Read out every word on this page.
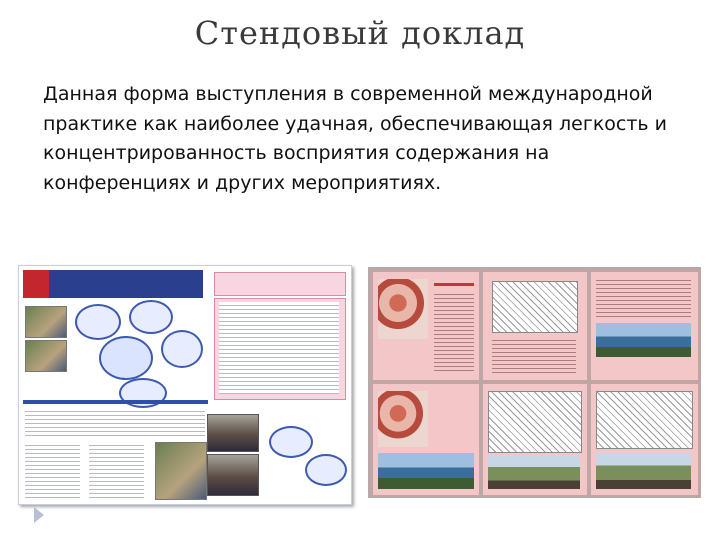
Стендовый доклад
Данная форма выступления в современной международной практике как наиболее удачная, обеспечивающая легкость и концентрированность восприятия содержания на конференциях и других мероприятиях.
